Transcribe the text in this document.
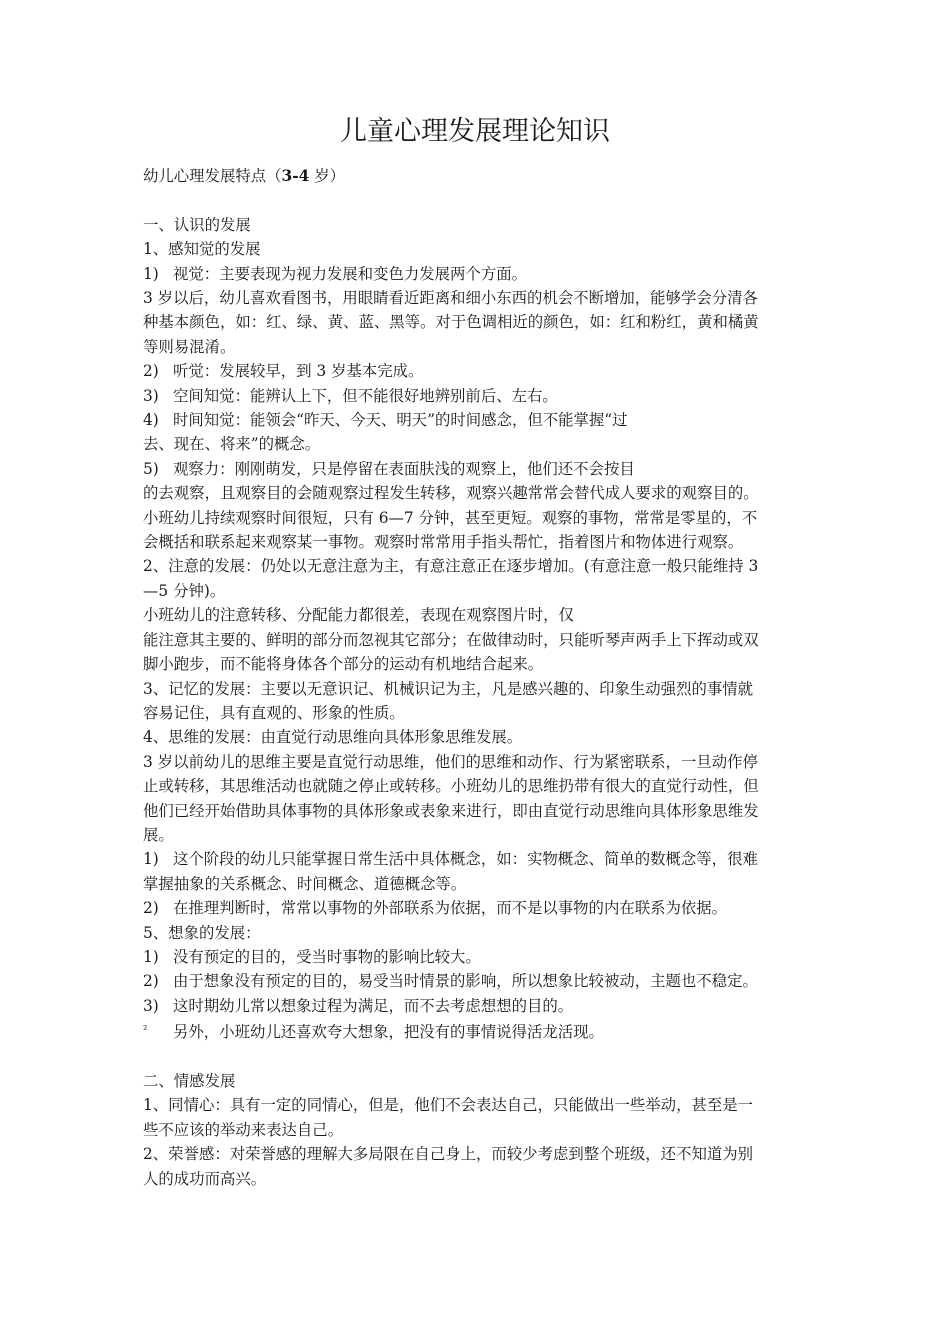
儿童心理发展理论知识

幼儿心理发展特点（3-4 岁）

一、认识的发展

1、感知觉的发展

1) 视觉：主要表现为视力发展和变色力发展两个方面。

3 岁以后，幼儿喜欢看图书，用眼睛看近距离和细小东西的机会不断增加，能够学会分清各

种基本颜色，如：红、绿、黄、蓝、黑等。对于色调相近的颜色，如：红和粉红，黄和橘黄

等则易混淆。

2) 听觉：发展较早，到 3 岁基本完成。

3) 空间知觉：能辨认上下，但不能很好地辨别前后、左右。

4) 时间知觉：能领会“昨天、今天、明天”的时间感念，但不能掌握“过

去、现在、将来”的概念。

5) 观察力：刚刚萌发，只是停留在表面肤浅的观察上，他们还不会按目

的去观察，且观察目的会随观察过程发生转移，观察兴趣常常会替代成人要求的观察目的。

小班幼儿持续观察时间很短，只有 6—7 分钟，甚至更短。观察的事物，常常是零星的，不

会概括和联系起来观察某一事物。观察时常常用手指头帮忙，指着图片和物体进行观察。

2、注意的发展：仍处以无意注意为主，有意注意正在逐步增加。(有意注意一般只能维持 3

—5 分钟)。

小班幼儿的注意转移、分配能力都很差，表现在观察图片时，仅

能注意其主要的、鲜明的部分而忽视其它部分；在做律动时，只能听琴声两手上下挥动或双

脚小跑步，而不能将身体各个部分的运动有机地结合起来。

3、记忆的发展：主要以无意识记、机械识记为主，凡是感兴趣的、印象生动强烈的事情就

容易记住，具有直观的、形象的性质。

4、思维的发展：由直觉行动思维向具体形象思维发展。

3 岁以前幼儿的思维主要是直觉行动思维，他们的思维和动作、行为紧密联系，一旦动作停

止或转移，其思维活动也就随之停止或转移。小班幼儿的思维扔带有很大的直觉行动性，但

他们已经开始借助具体事物的具体形象或表象来进行，即由直觉行动思维向具体形象思维发

展。

1) 这个阶段的幼儿只能掌握日常生活中具体概念，如：实物概念、简单的数概念等，很难

掌握抽象的关系概念、时间概念、道德概念等。

2) 在推理判断时，常常以事物的外部联系为依据，而不是以事物的内在联系为依据。

5、想象的发展：

1) 没有预定的目的，受当时事物的影响比较大。

2) 由于想象没有预定的目的，易受当时情景的影响，所以想象比较被动，主题也不稳定。

3) 这时期幼儿常以想象过程为满足，而不去考虑想想的目的。

² 另外，小班幼儿还喜欢夸大想象，把没有的事情说得活龙活现。

二、情感发展

1、同情心：具有一定的同情心，但是，他们不会表达自己，只能做出一些举动，甚至是一

些不应该的举动来表达自己。

2、荣誉感：对荣誉感的理解大多局限在自己身上，而较少考虑到整个班级，还不知道为别

人的成功而高兴。
